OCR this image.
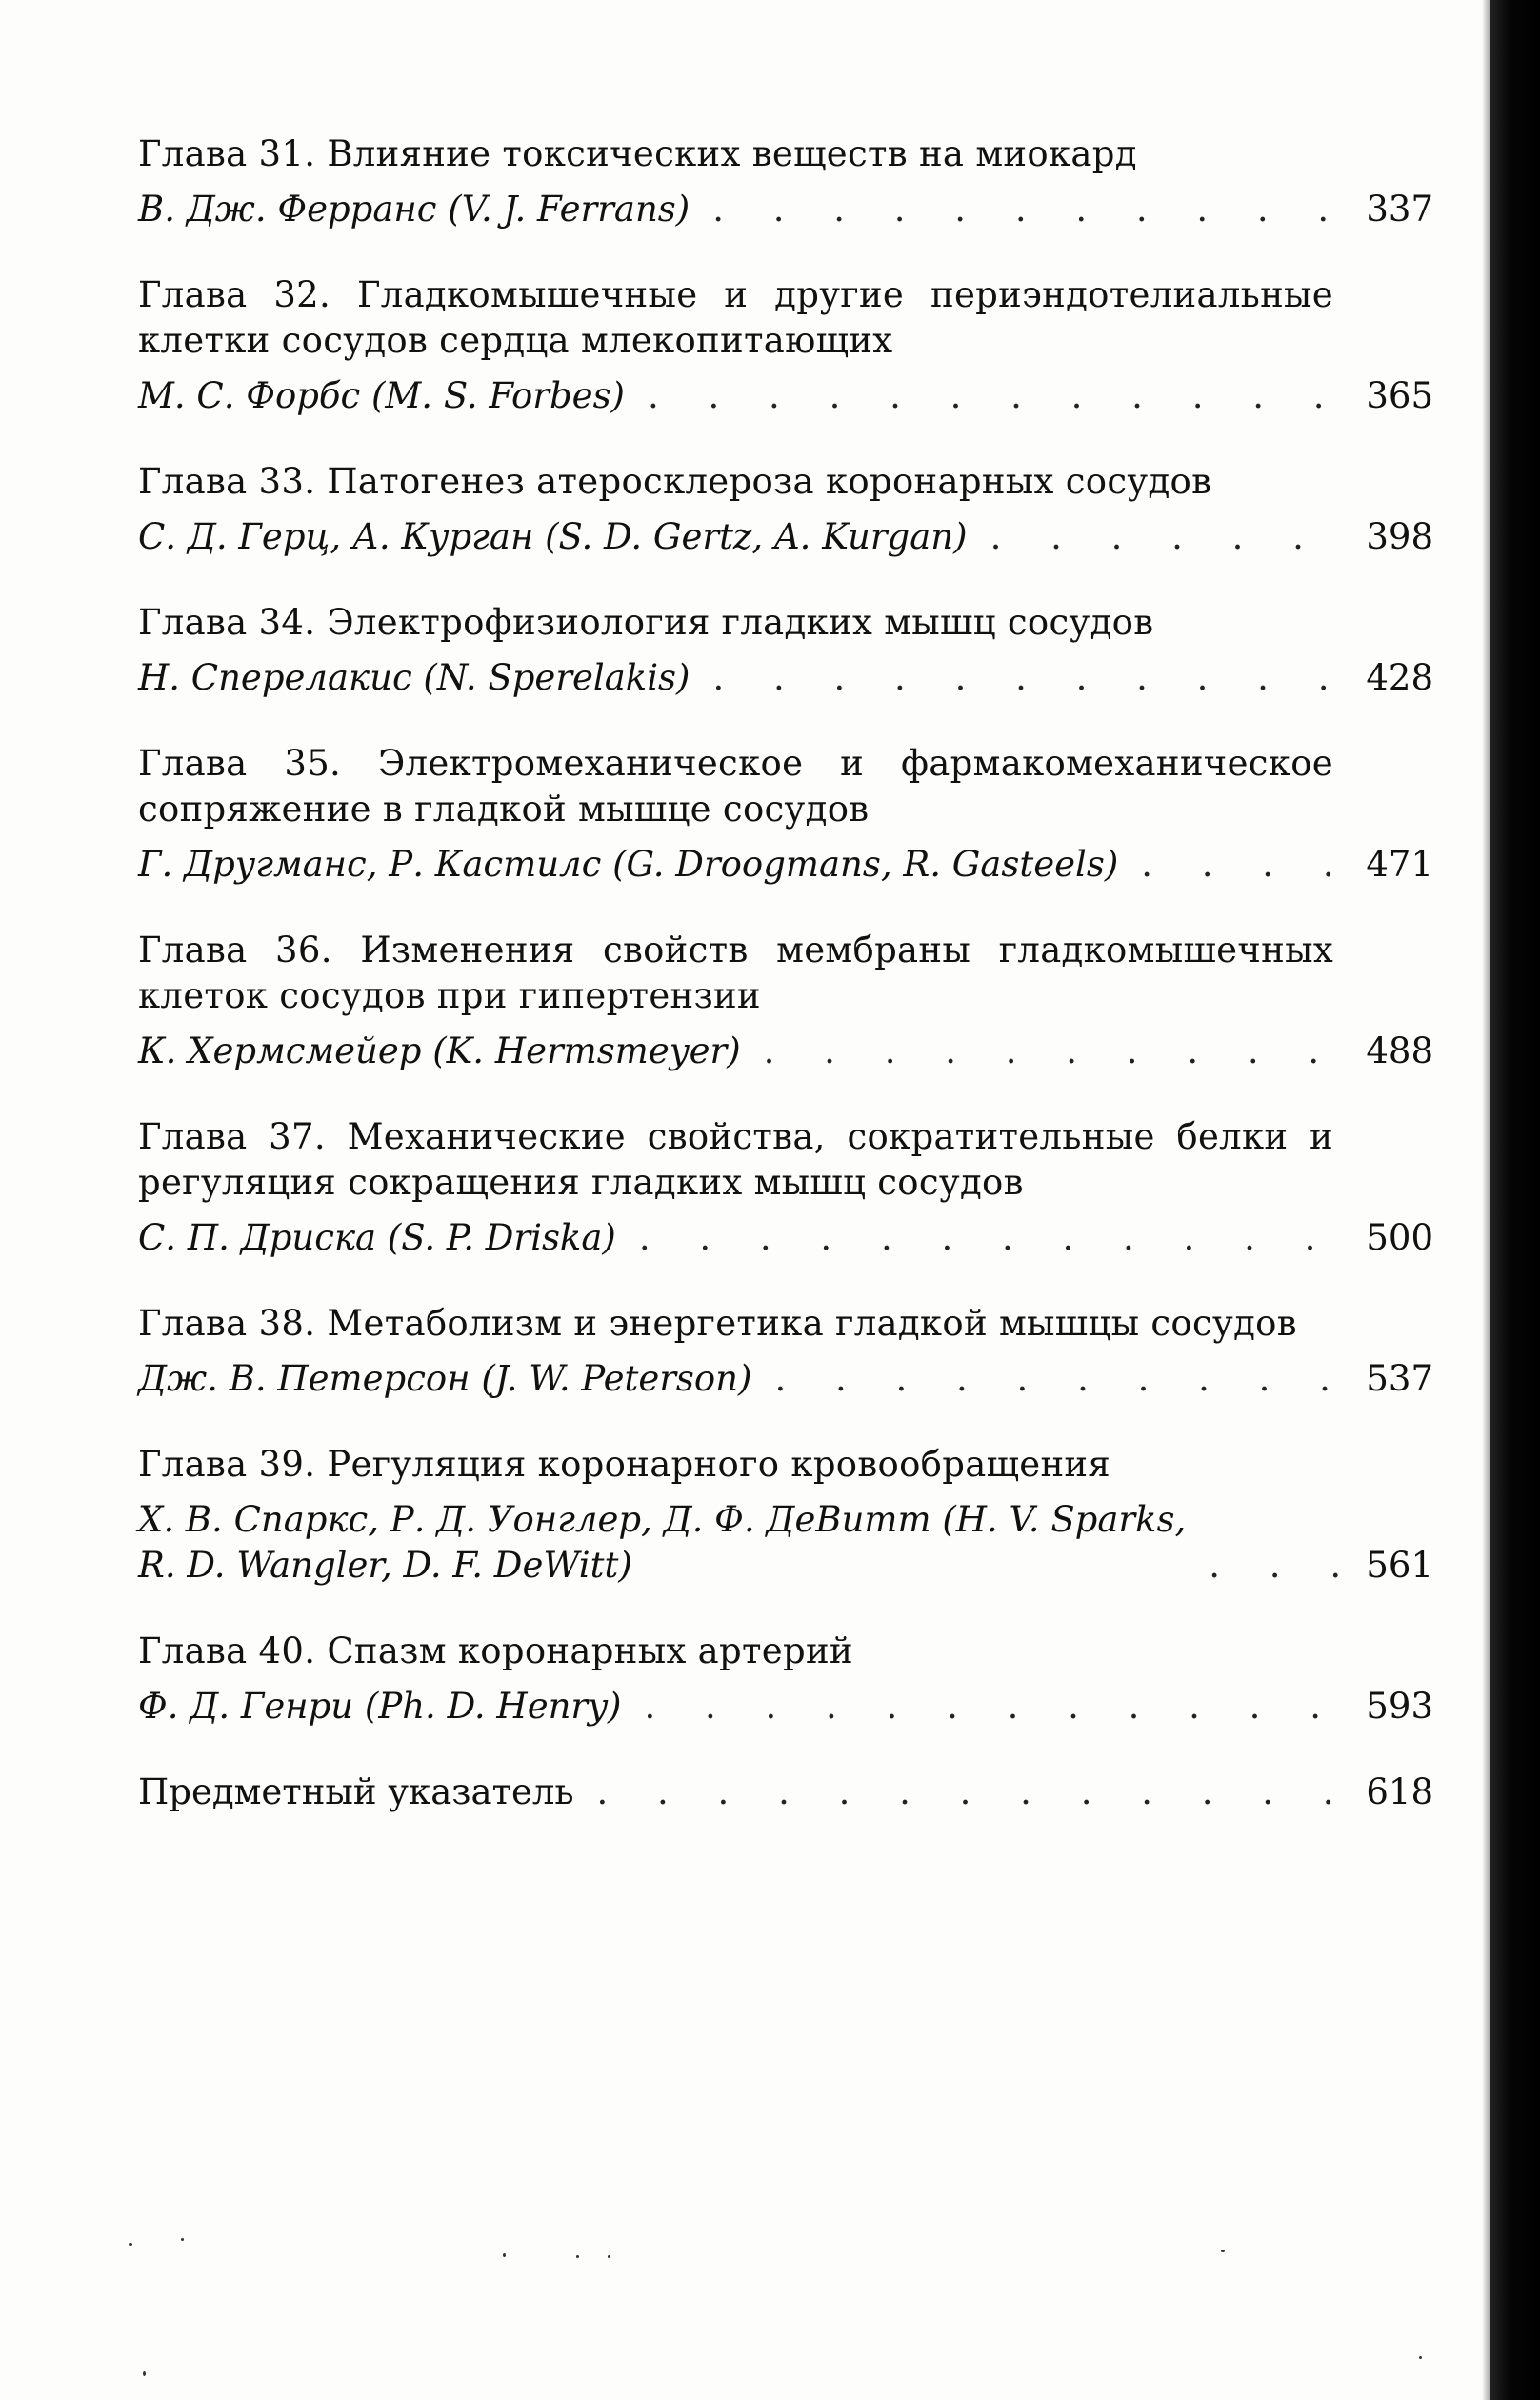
Глава 31. Влияние токсических веществ на миокард
В. Дж. Ферранс (V. J. Ferrans) . . .	337
Глава 32. Гладкомышечные и другие периэндотелиальные клетки сосудов сердца млекопитающих
М. С. Форбс (M. S. Forbes) . . .	365
Глава 33. Патогенез атеросклероза коронарных сосудов
С. Д. Герц, А. Курган (S. D. Gertz, A. Kurgan) . . .	398
Глава 34. Электрофизиология гладких мышц сосудов
Н. Сперелакис (N. Sperelakis) . . .	428
Глава 35. Электромеханическое и фармакомеханическое сопряжение в гладкой мышце сосудов
Г. Другманс, Р. Кастилс (G. Droogmans, R. Gasteels) . . .	471
Глава 36. Изменения свойств мембраны гладкомышечных клеток сосудов при гипертензии
К. Хермсмейер (K. Hermsmeyer) . . .	488
Глава 37. Механические свойства, сократительные белки и регуляция сокращения гладких мышц сосудов
С. П. Дриска (S. P. Driska) . . .	500
Глава 38. Метаболизм и энергетика гладкой мышцы сосудов
Дж. В. Петерсон (J. W. Peterson) . . .	537
Глава 39. Регуляция коронарного кровообращения
Х. В. Спаркс, Р. Д. Уонглер, Д. Ф. ДеВитт (H. V. Sparks,
R. D. Wangler, D. F. DeWitt) . . .	561
Глава 40. Спазм коронарных артерий
Ф. Д. Генри (Ph. D. Henry) . . .	593
Предметный указатель . . .	618
